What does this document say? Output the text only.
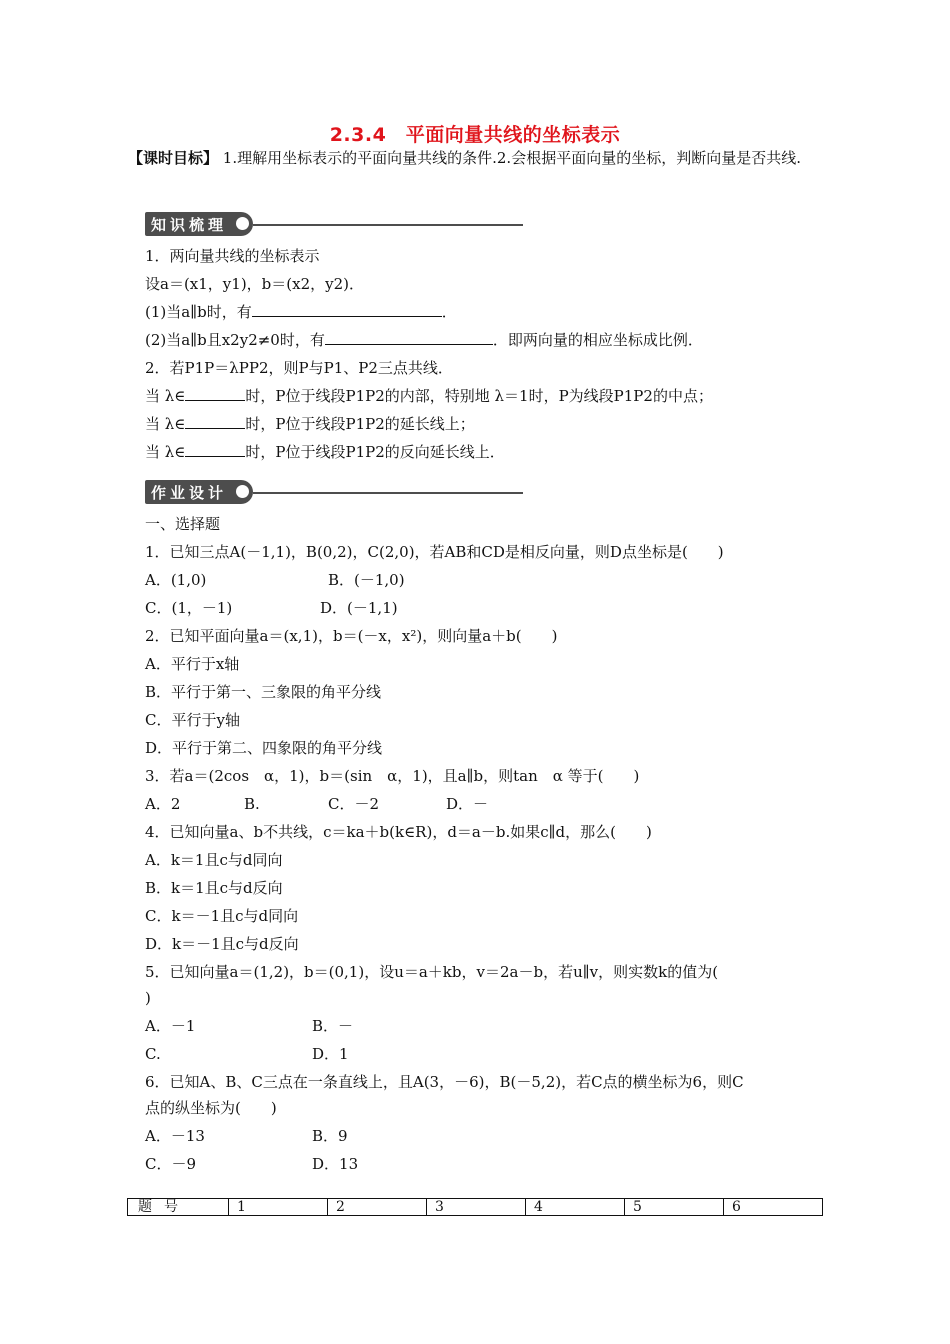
2.3.4　平面向量共线的坐标表示
【课时目标】 1.理解用坐标表示的平面向量共线的条件.2.会根据平面向量的坐标，判断向量是否共线.
知识梳理
1．两向量共线的坐标表示
设a＝(x1，y1)，b＝(x2，y2)．
(1)当a∥b时，有	．
(2)当a∥b且x2y2≠0时，有	．即两向量的相应坐标成比例．
2．若P1P＝λPP2，则P与P1、P2三点共线．
当 λ∈	时，P位于线段P1P2的内部，特别地 λ＝1时，P为线段P1P2的中点；
当 λ∈	时，P位于线段P1P2的延长线上；
当 λ∈	时，P位于线段P1P2的反向延长线上．
作业设计
一、选择题
1．已知三点A(－1,1)，B(0,2)，C(2,0)，若AB和CD是相反向量，则D点坐标是(　　)
A．(1,0)	B．(－1,0)
C．(1，－1)	D．(－1,1)
2．已知平面向量a＝(x,1)，b＝(－x，x²)，则向量a＋b(　　)
A．平行于x轴
B．平行于第一、三象限的角平分线
C．平行于y轴
D．平行于第二、四象限的角平分线
3．若a＝(2cos　α，1)，b＝(sin　α，1)，且a∥b，则tan　α 等于(　　)
A．2	B.	C．－2	D．－
4．已知向量a、b不共线，c＝ka＋b(k∈R)，d＝a－b.如果c∥d，那么(　　)
A．k＝1且c与d同向
B．k＝1且c与d反向
C．k＝－1且c与d同向
D．k＝－1且c与d反向
5．已知向量a＝(1,2)，b＝(0,1)，设u＝a＋kb，v＝2a－b，若u∥v，则实数k的值为(
)
A．－1	B．－
C.	D．1
6．已知A、B、C三点在一条直线上，且A(3，－6)，B(－5,2)，若C点的横坐标为6，则C
点的纵坐标为(　　)
A．－13	B．9
C．－9	D．13
题号	1	2	3	4	5	6
